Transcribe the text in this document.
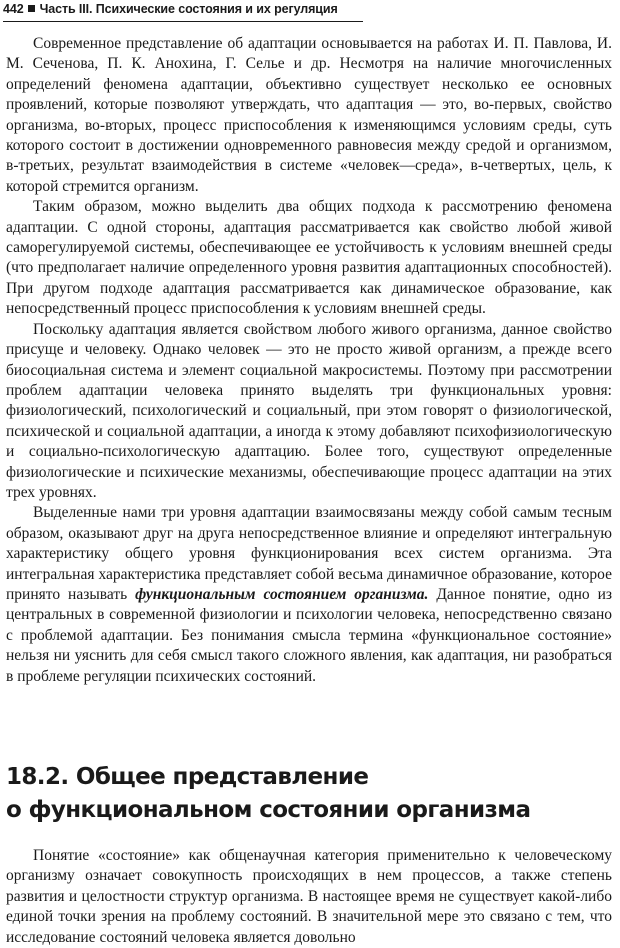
442 Часть III. Психические состояния и их регуляция

Современное представление об адаптации основывается на работах И. П. Павлова, И. М. Сеченова, П. К. Анохина, Г. Селье и др. Несмотря на наличие многочисленных определений феномена адаптации, объективно существует несколько ее основных проявлений, которые позволяют утверждать, что адаптация — это, во-первых, свойство организма, во-вторых, процесс приспособления к изменяющимся условиям среды, суть которого состоит в достижении одновременного равновесия между средой и организмом, в-третьих, результат взаимодействия в системе «человек—среда», в-четвертых, цель, к которой стремится организм.

Таким образом, можно выделить два общих подхода к рассмотрению феномена адаптации. С одной стороны, адаптация рассматривается как свойство любой живой саморегулируемой системы, обеспечивающее ее устойчивость к условиям внешней среды (что предполагает наличие определенного уровня развития адаптационных способностей). При другом подходе адаптация рассматривается как динамическое образование, как непосредственный процесс приспособления к условиям внешней среды.

Поскольку адаптация является свойством любого живого организма, данное свойство присуще и человеку. Однако человек — это не просто живой организм, а прежде всего биосоциальная система и элемент социальной макросистемы. Поэтому при рассмотрении проблем адаптации человека принято выделять три функциональных уровня: физиологический, психологический и социальный, при этом говорят о физиологической, психической и социальной адаптации, а иногда к этому добавляют психофизиологическую и социально-психологическую адаптацию. Более того, существуют определенные физиологические и психические механизмы, обеспечивающие процесс адаптации на этих трех уровнях.

Выделенные нами три уровня адаптации взаимосвязаны между собой самым тесным образом, оказывают друг на друга непосредственное влияние и определяют интегральную характеристику общего уровня функционирования всех систем организма. Эта интегральная характеристика представляет собой весьма динамичное образование, которое принято называть функциональным состоянием организма. Данное понятие, одно из центральных в современной физиологии и психологии человека, непосредственно связано с проблемой адаптации. Без понимания смысла термина «функциональное состояние» нельзя ни уяснить для себя смысл такого сложного явления, как адаптация, ни разобраться в проблеме регуляции психических состояний.

18.2. Общее представление
о функциональном состоянии организма

Понятие «состояние» как общенаучная категория применительно к человеческому организму означает совокупность происходящих в нем процессов, а также степень развития и целостности структур организма. В настоящее время не существует какой-либо единой точки зрения на проблему состояний. В значительной мере это связано с тем, что исследование состояний человека является довольно
